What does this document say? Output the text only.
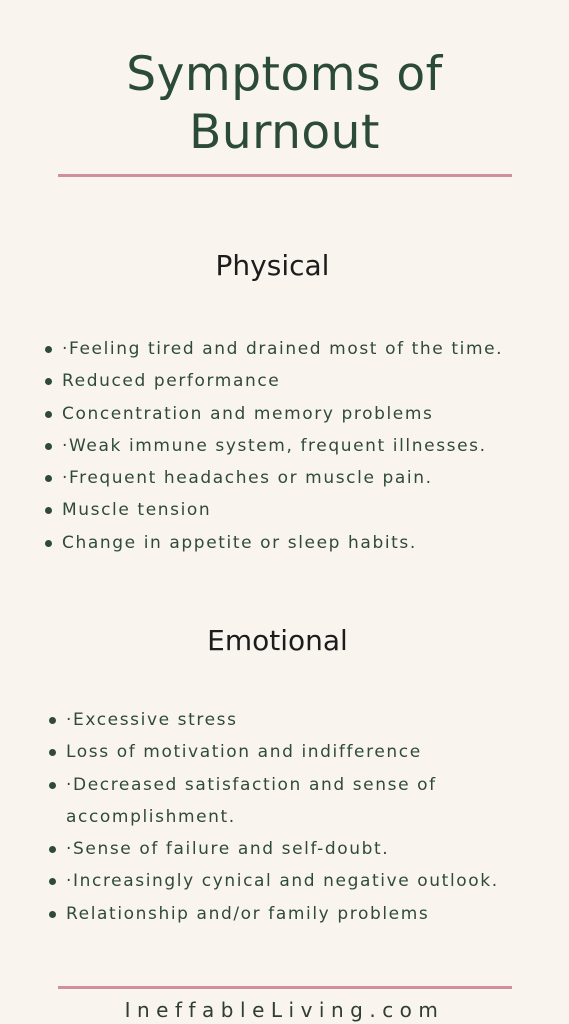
Symptoms of
Burnout
Physical
·Feeling tired and drained most of the time.
Reduced performance
Concentration and memory problems
·Weak immune system, frequent illnesses.
·Frequent headaches or muscle pain.
Muscle tension
Change in appetite or sleep habits.
Emotional
·Excessive stress
Loss of motivation and indifference
·Decreased satisfaction and sense of accomplishment.
·Sense of failure and self-doubt.
·Increasingly cynical and negative outlook.
Relationship and/or family problems

IneffableLiving.com
